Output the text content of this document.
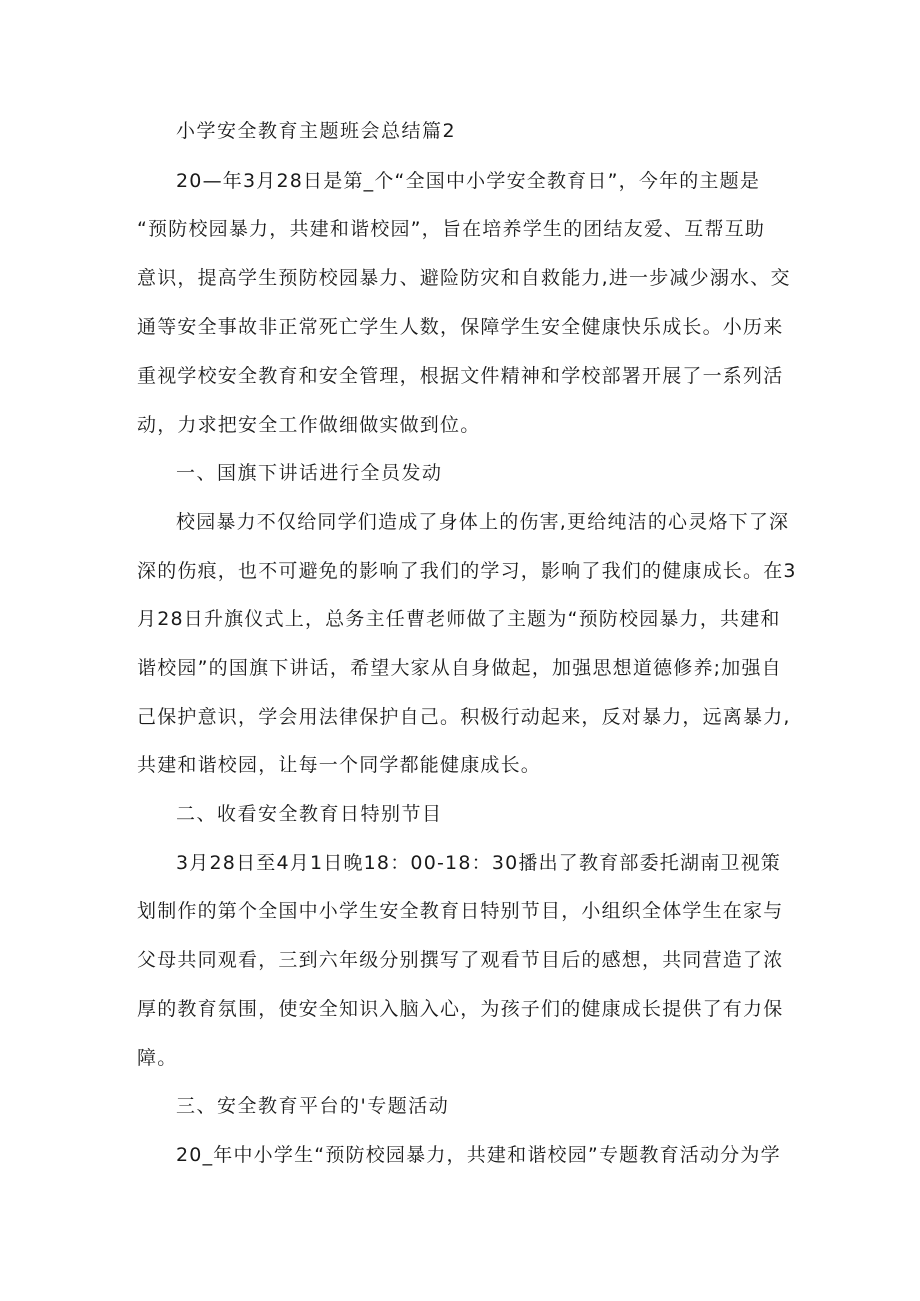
小学安全教育主题班会总结篇2
20—年3月28日是第_个“全国中小学安全教育日”，今年的主题是
“预防校园暴力，共建和谐校园”，旨在培养学生的团结友爱、互帮互助
意识，提高学生预防校园暴力、避险防灾和自救能力,进一步减少溺水、交
通等安全事故非正常死亡学生人数，保障学生安全健康快乐成长。小历来
重视学校安全教育和安全管理，根据文件精神和学校部署开展了一系列活
动，力求把安全工作做细做实做到位。
一、国旗下讲话进行全员发动
校园暴力不仅给同学们造成了身体上的伤害,更给纯洁的心灵烙下了深
深的伤痕，也不可避免的影响了我们的学习，影响了我们的健康成长。在3
月28日升旗仪式上，总务主任曹老师做了主题为“预防校园暴力，共建和
谐校园”的国旗下讲话，希望大家从自身做起，加强思想道德修养;加强自
己保护意识，学会用法律保护自己。积极行动起来，反对暴力，远离暴力,
共建和谐校园，让每一个同学都能健康成长。
二、收看安全教育日特别节目
3月28日至4月1日晚18：00-18：30播出了教育部委托湖南卫视策
划制作的第个全国中小学生安全教育日特别节目，小组织全体学生在家与
父母共同观看，三到六年级分别撰写了观看节目后的感想，共同营造了浓
厚的教育氛围，使安全知识入脑入心，为孩子们的健康成长提供了有力保
障。
三、安全教育平台的'专题活动
20_年中小学生“预防校园暴力，共建和谐校园”专题教育活动分为学
